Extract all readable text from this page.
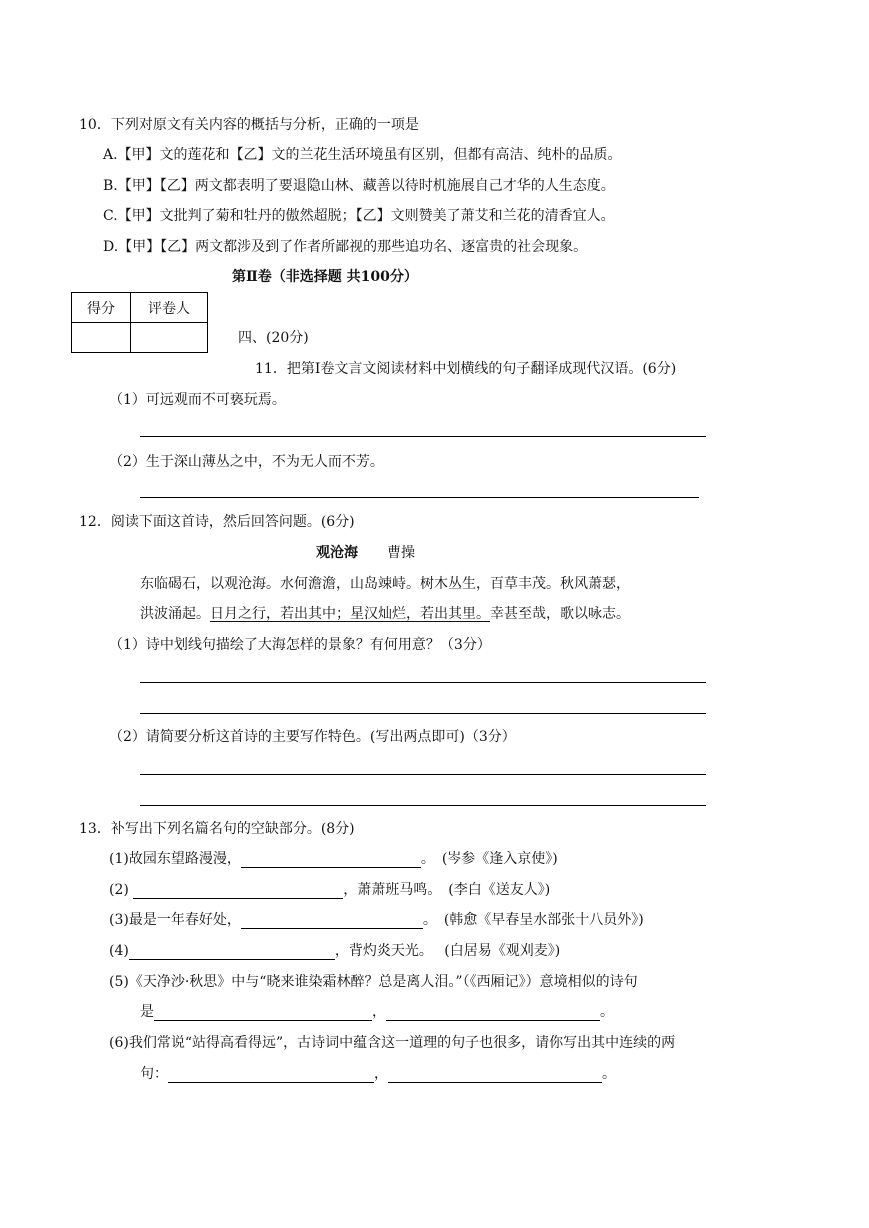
10．下列对原文有关内容的概括与分析，正确的一项是
A.【甲】文的莲花和【乙】文的兰花生活环境虽有区别，但都有高洁、纯朴的品质。
B.【甲】【乙】两文都表明了要退隐山林、藏善以待时机施展自己才华的人生态度。
C.【甲】文批判了菊和牡丹的傲然超脱；【乙】文则赞美了萧艾和兰花的清香宜人。
D.【甲】【乙】两文都涉及到了作者所鄙视的那些追功名、逐富贵的社会现象。
第Ⅱ卷（非选择题 共100分）
得分	评卷人

四、(20分)
11．把第Ⅰ卷文言文阅读材料中划横线的句子翻译成现代汉语。(6分)
（1）可远观而不可亵玩焉。
（2）生于深山薄丛之中，不为无人而不芳。
12．阅读下面这首诗，然后回答问题。(6分)
观沧海 曹操
东临碣石，以观沧海。水何澹澹，山岛竦峙。树木丛生，百草丰茂。秋风萧瑟，
洪波涌起。日月之行，若出其中；星汉灿烂，若出其里。幸甚至哉，歌以咏志。
（1）诗中划线句描绘了大海怎样的景象？有何用意？（3分）
（2）请简要分析这首诗的主要写作特色。(写出两点即可)（3分）
13．补写出下列名篇名句的空缺部分。(8分)
(1)故园东望路漫漫，	。　(岑参《逢入京使》)
(2)	，萧萧班马鸣。　(李白《送友人》)
(3)最是一年春好处，	。　(韩愈《早春呈水部张十八员外》)
(4)	，背灼炎天光。　 (白居易《观刈麦》)
(5)《天净沙·秋思》中与“晓来谁染霜林醉？总是离人泪。”（《西厢记》）意境相似的诗句
是	，	。
(6)我们常说“站得高看得远”，古诗词中蕴含这一道理的句子也很多，请你写出其中连续的两
句：	，	。
